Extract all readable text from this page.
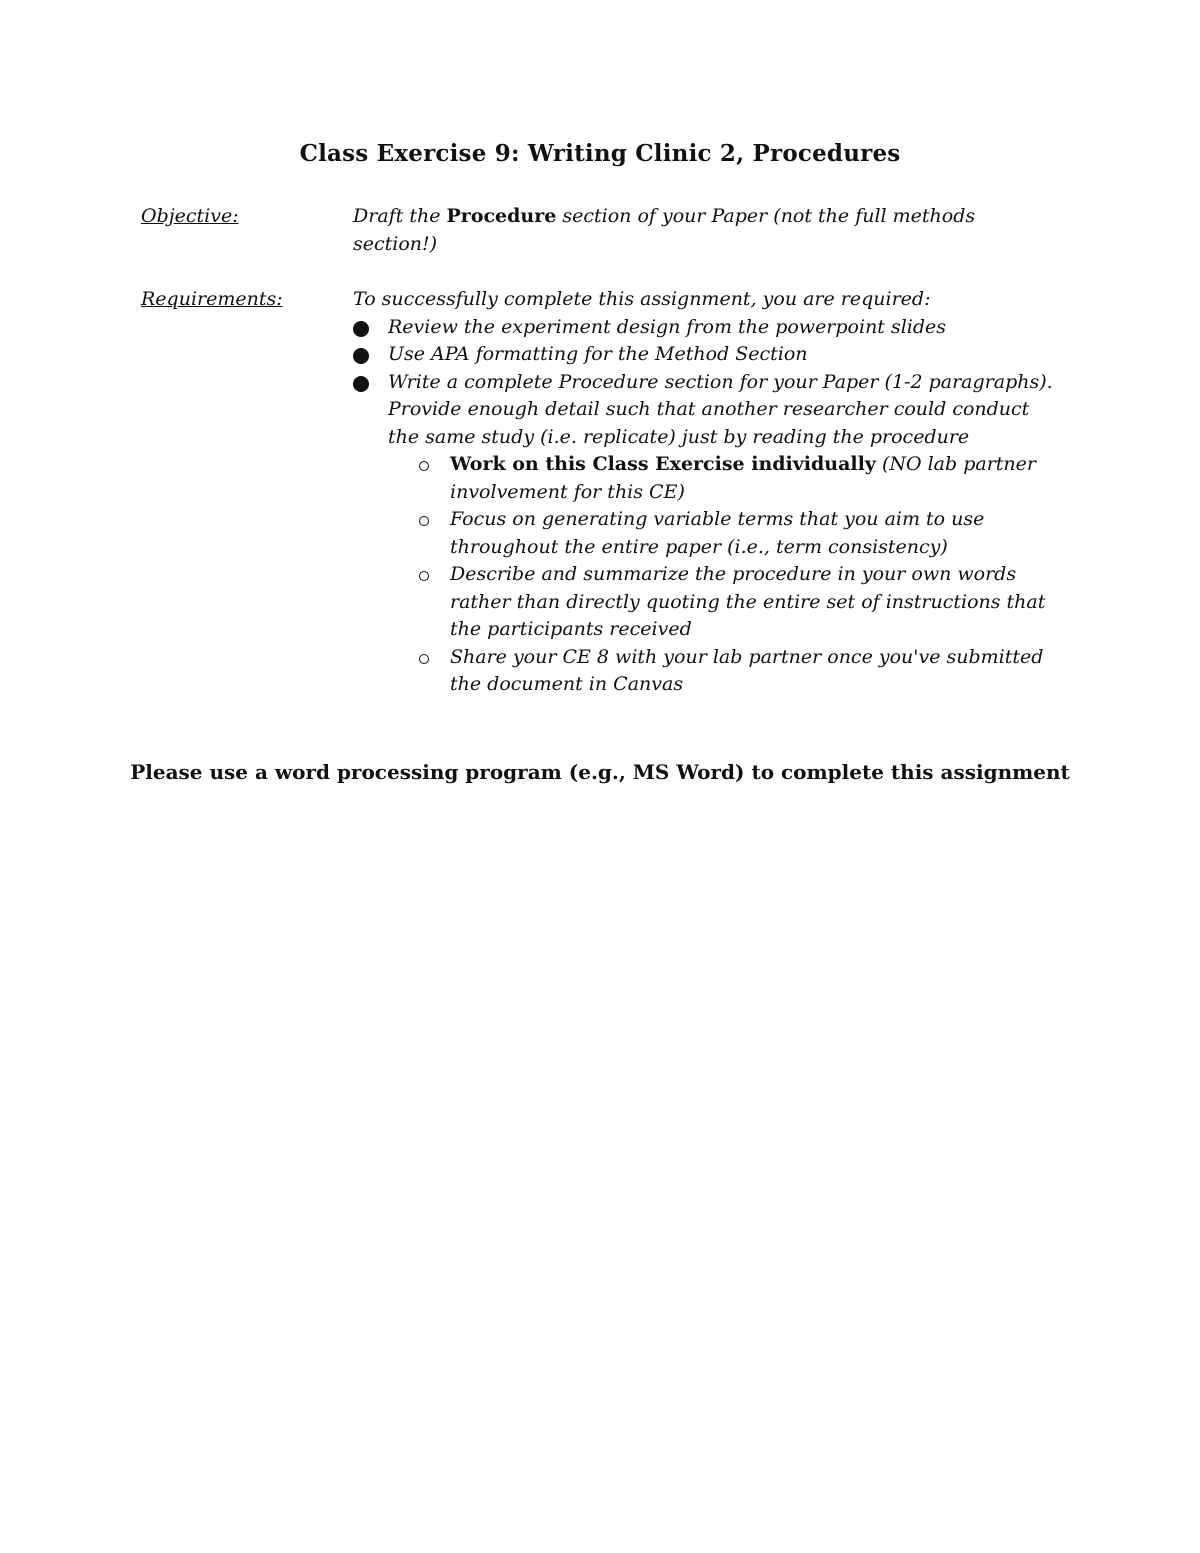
Class Exercise 9: Writing Clinic 2, Procedures
Objective:	Draft the Procedure section of your Paper (not the full methods section!)
Requirements:	To successfully complete this assignment, you are required:
Review the experiment design from the powerpoint slides
Use APA formatting for the Method Section
Write a complete Procedure section for your Paper (1-2 paragraphs). Provide enough detail such that another researcher could conduct the same study (i.e. replicate) just by reading the procedure
Work on this Class Exercise individually (NO lab partner involvement for this CE)
Focus on generating variable terms that you aim to use throughout the entire paper (i.e., term consistency)
Describe and summarize the procedure in your own words rather than directly quoting the entire set of instructions that the participants received
Share your CE 8 with your lab partner once you've submitted the document in Canvas
Please use a word processing program (e.g., MS Word) to complete this assignment
